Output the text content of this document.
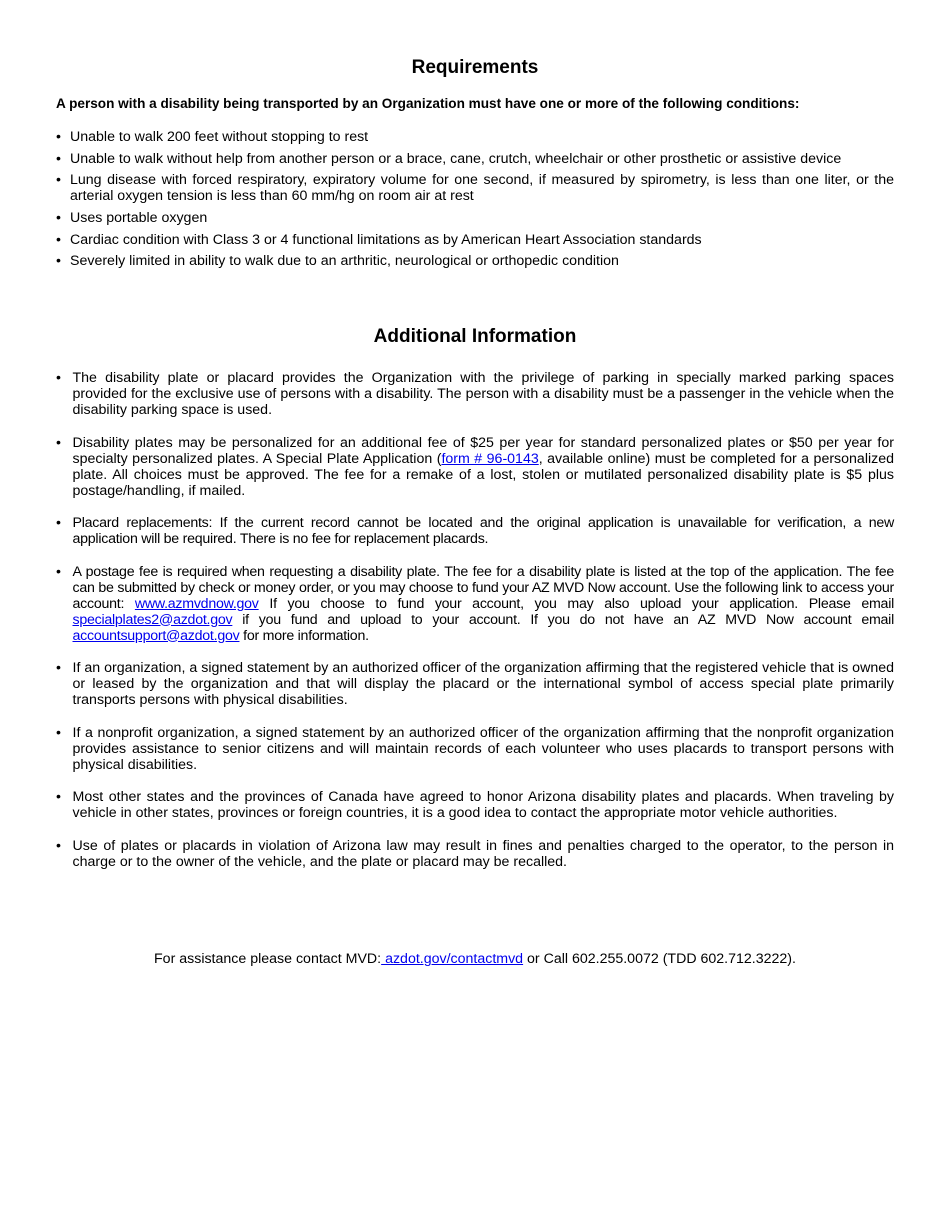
Requirements
A person with a disability being transported by an Organization must have one or more of the following conditions:
• Unable to walk 200 feet without stopping to rest
• Unable to walk without help from another person or a brace, cane, crutch, wheelchair or other prosthetic or assistive device
• Lung disease with forced respiratory, expiratory volume for one second, if measured by spirometry, is less than one liter, or the arterial oxygen tension is less than 60 mm/hg on room air at rest
• Uses portable oxygen
• Cardiac condition with Class 3 or 4 functional limitations as by American Heart Association standards
• Severely limited in ability to walk due to an arthritic, neurological or orthopedic condition
Additional Information
• The disability plate or placard provides the Organization with the privilege of parking in specially marked parking spaces     provided for the exclusive use of persons with a disability. The person with a disability must be a passenger in the vehicle when the disability parking space is used.
• Disability plates may be personalized for an additional fee of $25 per year for standard personalized plates or $50 per year for specialty personalized plates. A Special Plate Application (form # 96-0143, available online) must be completed for a personalized plate. All choices must be approved. The fee for a remake of a lost, stolen or mutilated personalized disability plate is $5 plus postage/handling, if mailed.
• Placard replacements: If the current record cannot be located and the original application is unavailable for verification, a new application will be required. There is no fee for replacement placards.
• A postage fee is required when requesting a disability plate. The fee for a disability plate is listed at the top of the application. The fee can be submitted by check or money order, or you may choose to fund your AZ MVD Now account. Use the following link to access your account: www.azmvdnow.gov If you choose to fund your account, you may also upload your application. Please email specialplates2@azdot.gov if you fund and upload to your account. If you do not have an AZ MVD Now account email accountsupport@azdot.gov for more information.
• If an organization, a signed statement by an authorized officer of the organization affirming that the registered vehicle that is owned or leased by the organization and that will display the placard or the international symbol of access special plate primarily transports persons with physical disabilities.
• If a nonprofit organization, a signed statement by an authorized officer of the organization affirming that the nonprofit organization provides assistance to senior citizens and will maintain records of each volunteer who uses placards to transport persons with physical disabilities.
• Most other states and the provinces of Canada have agreed to honor Arizona disability plates and placards. When traveling by vehicle in other states, provinces or foreign countries, it is a good idea to contact the appropriate motor vehicle authorities.
• Use of plates or placards in violation of Arizona law may result in fines and penalties charged to the operator, to the person in charge or to the owner of the vehicle, and the plate or placard may be recalled.
For assistance please contact MVD: azdot.gov/contactmvd or Call 602.255.0072 (TDD 602.712.3222).
